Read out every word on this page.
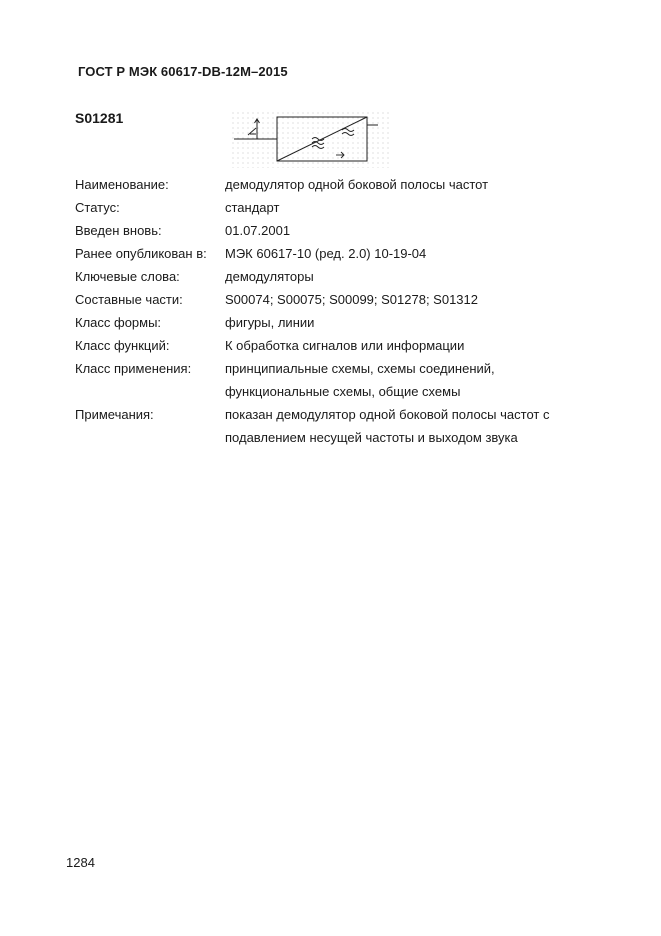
ГОСТ Р МЭК 60617-DB-12M–2015
S01281
Наименование:	демодулятор одной боковой полосы частот
Статус:	стандарт
Введен вновь:	01.07.2001
Ранее опубликован в:	МЭК 60617-10 (ред. 2.0) 10-19-04
Ключевые слова:	демодуляторы
Составные части:	S00074; S00075; S00099; S01278; S01312
Класс формы:	фигуры, линии
Класс функций:	К обработка сигналов или информации
Класс применения:	принципиальные схемы, схемы соединений,
функциональные схемы, общие схемы
Примечания:	показан демодулятор одной боковой полосы частот с
подавлением несущей частоты и выходом звука
1284
